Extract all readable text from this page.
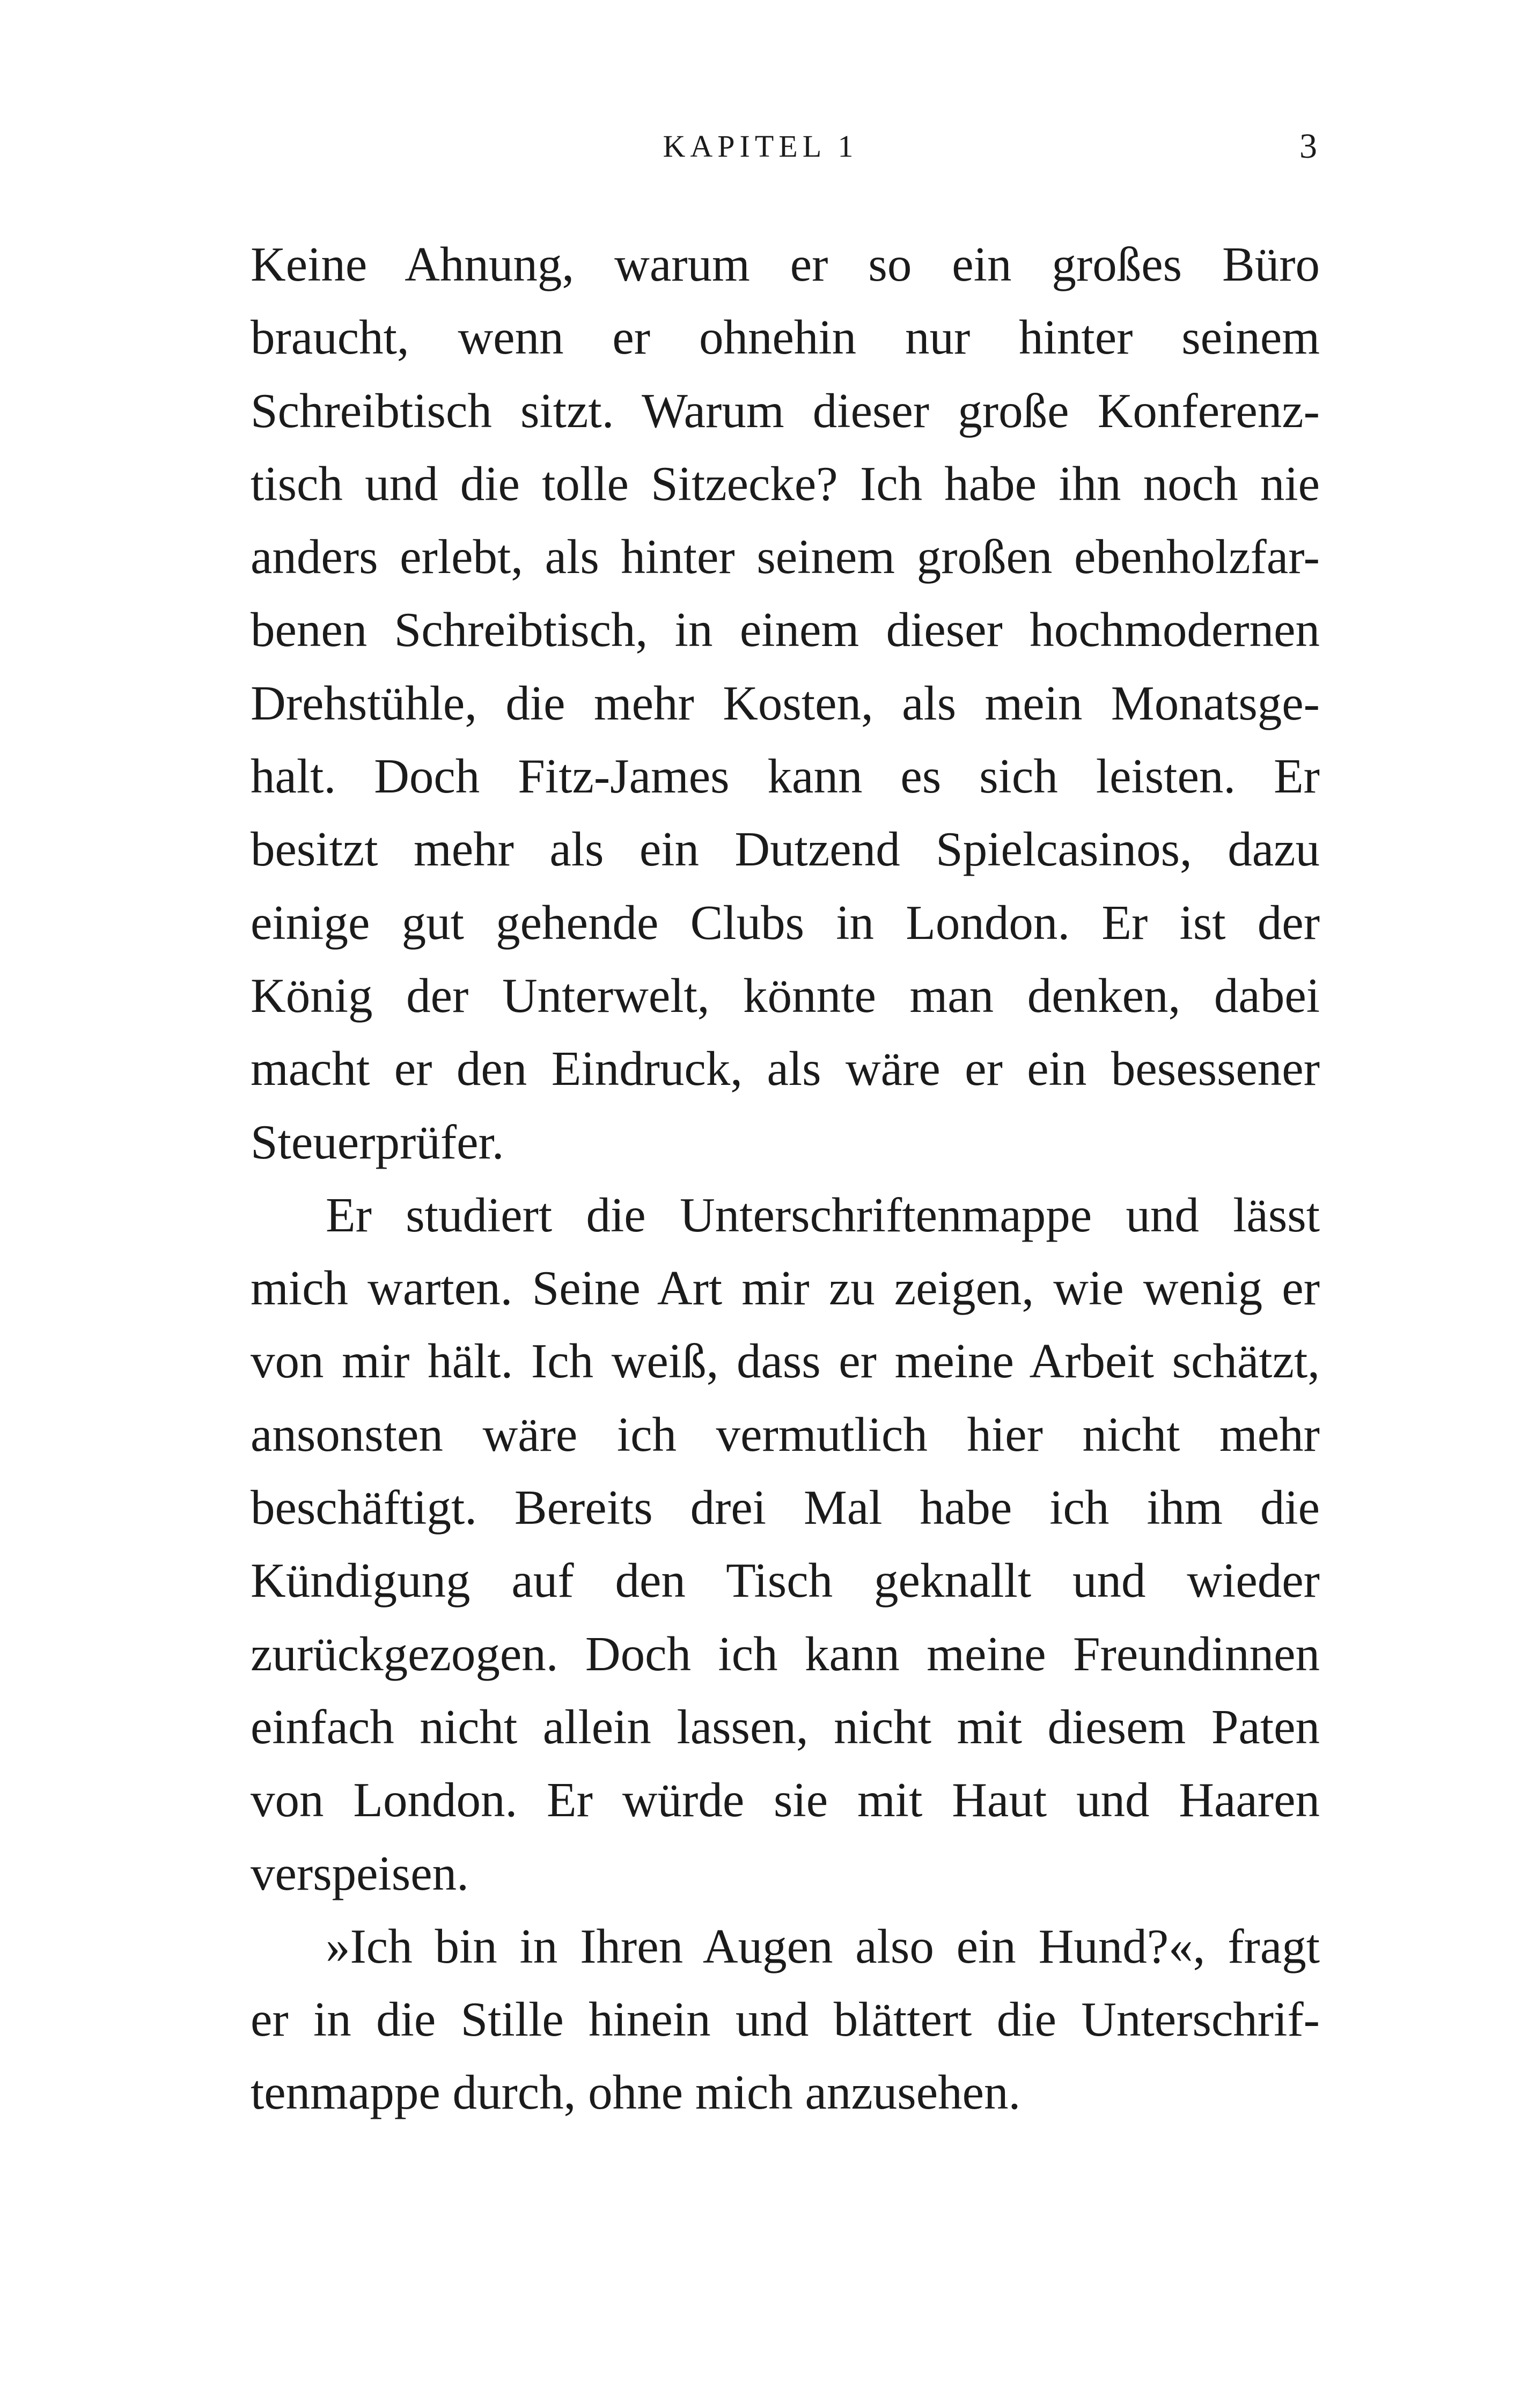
KAPITEL 1	3
Keine Ahnung, warum er so ein großes Büro
braucht, wenn er ohnehin nur hinter seinem
Schreibtisch sitzt. Warum dieser große Konferenz-
tisch und die tolle Sitzecke? Ich habe ihn noch nie
anders erlebt, als hinter seinem großen ebenholzfar-
benen Schreibtisch, in einem dieser hochmodernen
Drehstühle, die mehr Kosten, als mein Monatsge-
halt. Doch Fitz-James kann es sich leisten. Er
besitzt mehr als ein Dutzend Spielcasinos, dazu
einige gut gehende Clubs in London. Er ist der
König der Unterwelt, könnte man denken, dabei
macht er den Eindruck, als wäre er ein besessener
Steuerprüfer.
Er studiert die Unterschriftenmappe und lässt
mich warten. Seine Art mir zu zeigen, wie wenig er
von mir hält. Ich weiß, dass er meine Arbeit schätzt,
ansonsten wäre ich vermutlich hier nicht mehr
beschäftigt. Bereits drei Mal habe ich ihm die
Kündigung auf den Tisch geknallt und wieder
zurückgezogen. Doch ich kann meine Freundinnen
einfach nicht allein lassen, nicht mit diesem Paten
von London. Er würde sie mit Haut und Haaren
verspeisen.
»Ich bin in Ihren Augen also ein Hund?«, fragt
er in die Stille hinein und blättert die Unterschrif-
tenmappe durch, ohne mich anzusehen.
